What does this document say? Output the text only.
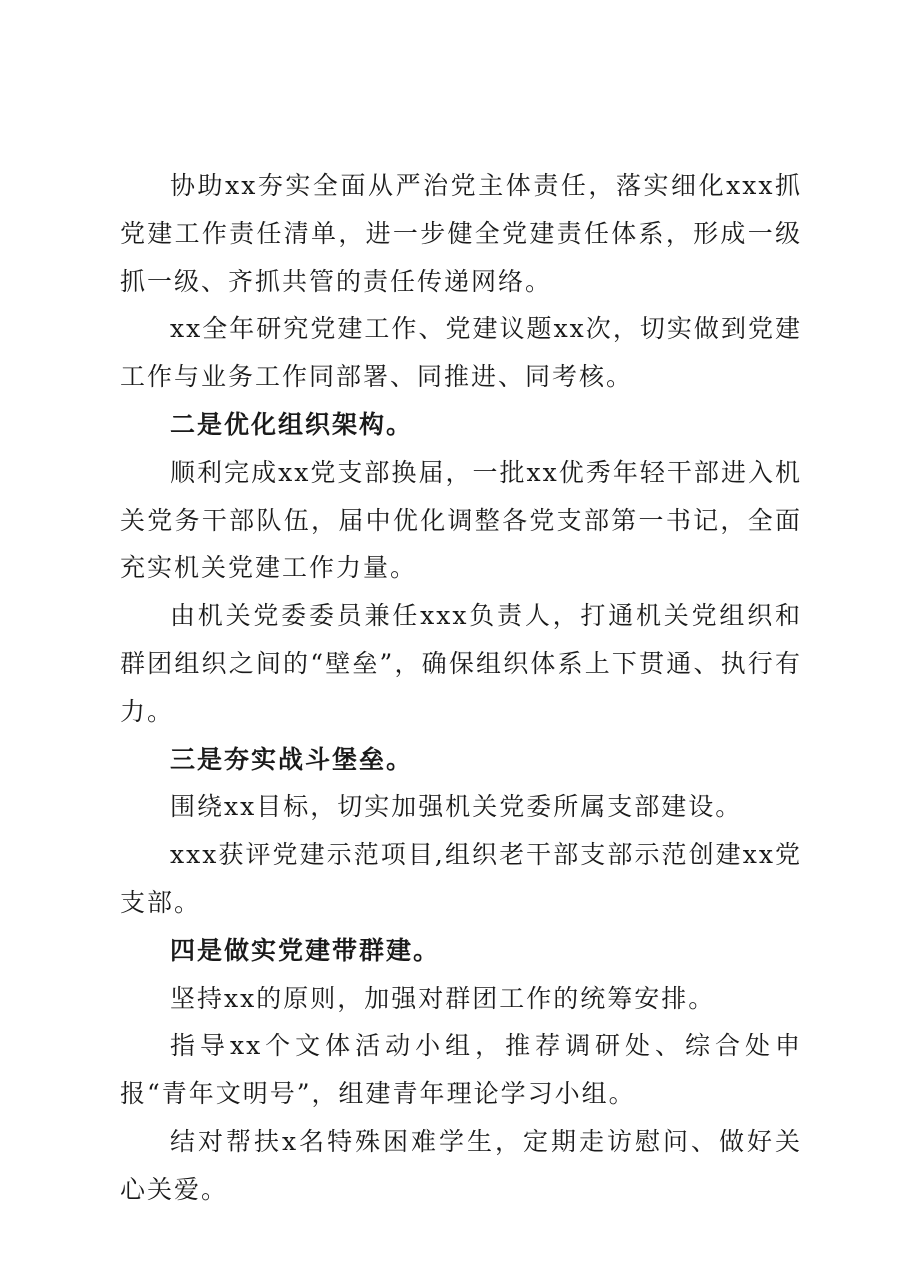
协助xx夯实全面从严治党主体责任，落实细化xxx抓党建工作责任清单，进一步健全党建责任体系，形成一级抓一级、齐抓共管的责任传递网络。

xx全年研究党建工作、党建议题xx次，切实做到党建工作与业务工作同部署、同推进、同考核。

二是优化组织架构。

顺利完成xx党支部换届，一批xx优秀年轻干部进入机关党务干部队伍，届中优化调整各党支部第一书记，全面充实机关党建工作力量。

由机关党委委员兼任xxx负责人，打通机关党组织和群团组织之间的“壁垒”，确保组织体系上下贯通、执行有力。

三是夯实战斗堡垒。

围绕xx目标，切实加强机关党委所属支部建设。

xxx获评党建示范项目,组织老干部支部示范创建xx党支部。

四是做实党建带群建。

坚持xx的原则，加强对群团工作的统筹安排。

指导xx个文体活动小组，推荐调研处、综合处申报“青年文明号”，组建青年理论学习小组。

结对帮扶x名特殊困难学生，定期走访慰问、做好关心关爱。
